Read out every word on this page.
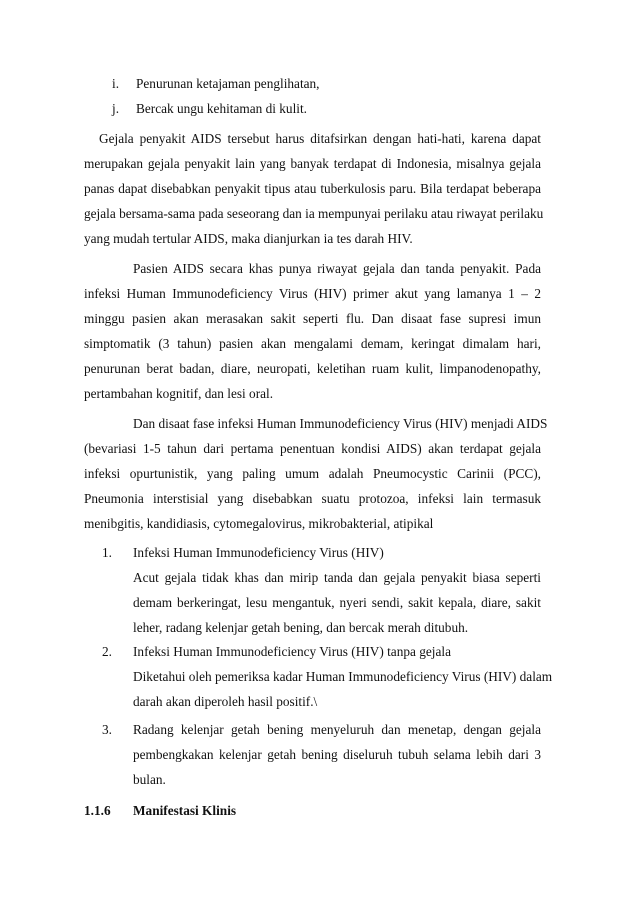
i. Penurunan ketajaman penglihatan,
j. Bercak ungu kehitaman di kulit.
Gejala penyakit AIDS tersebut harus ditafsirkan dengan hati-hati, karena dapat
merupakan gejala penyakit lain yang banyak terdapat di Indonesia, misalnya gejala
panas dapat disebabkan penyakit tipus atau tuberkulosis paru. Bila terdapat beberapa
gejala bersama-sama pada seseorang dan ia mempunyai perilaku atau riwayat perilaku
yang mudah tertular AIDS, maka dianjurkan ia tes darah HIV.
Pasien AIDS secara khas punya riwayat gejala dan tanda penyakit. Pada
infeksi Human Immunodeficiency Virus (HIV) primer akut yang lamanya 1 – 2
minggu pasien akan merasakan sakit seperti flu. Dan disaat fase supresi imun
simptomatik (3 tahun) pasien akan mengalami demam, keringat dimalam hari,
penurunan berat badan, diare, neuropati, keletihan ruam kulit, limpanodenopathy,
pertambahan kognitif, dan lesi oral.
Dan disaat fase infeksi Human Immunodeficiency Virus (HIV) menjadi AIDS
(bevariasi 1-5 tahun dari pertama penentuan kondisi AIDS) akan terdapat gejala
infeksi opurtunistik, yang paling umum adalah Pneumocystic Carinii (PCC),
Pneumonia interstisial yang disebabkan suatu protozoa, infeksi lain termasuk
menibgitis, kandidiasis, cytomegalovirus, mikrobakterial, atipikal
1. Infeksi Human Immunodeficiency Virus (HIV)
Acut gejala tidak khas dan mirip tanda dan gejala penyakit biasa seperti
demam berkeringat, lesu mengantuk, nyeri sendi, sakit kepala, diare, sakit
leher, radang kelenjar getah bening, dan bercak merah ditubuh.
2. Infeksi Human Immunodeficiency Virus (HIV) tanpa gejala
Diketahui oleh pemeriksa kadar Human Immunodeficiency Virus (HIV) dalam
darah akan diperoleh hasil positif.\
3. Radang kelenjar getah bening menyeluruh dan menetap, dengan gejala
pembengkakan kelenjar getah bening diseluruh tubuh selama lebih dari 3
bulan.
1.1.6 Manifestasi Klinis
